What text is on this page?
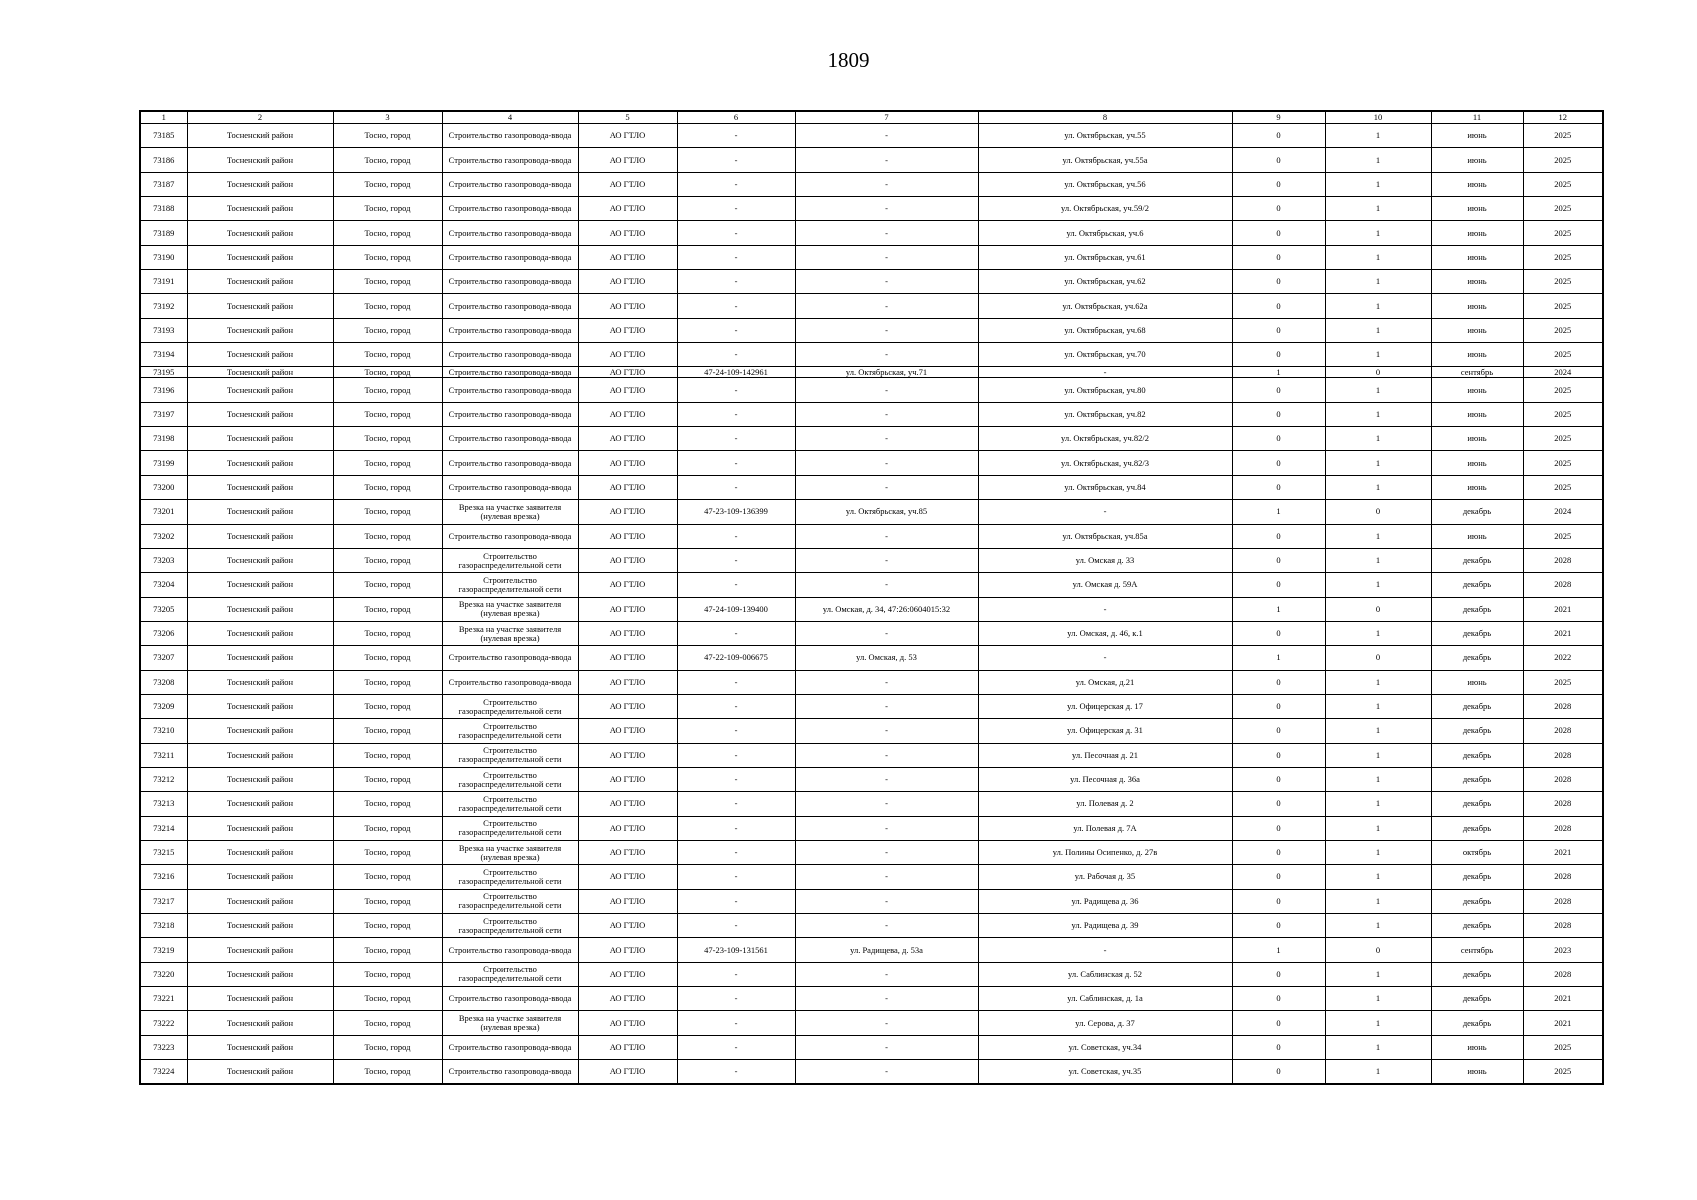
1809
1	2	3	4	5	6	7	8	9	10	11	12
73185	Тосненский район	Тосно, город	Строительство газопровода-ввода	АО ГТЛО	-	-	ул. Октябрьская, уч.55	0	1	июнь	2025
73186	Тосненский район	Тосно, город	Строительство газопровода-ввода	АО ГТЛО	-	-	ул. Октябрьская, уч.55а	0	1	июнь	2025
73187	Тосненский район	Тосно, город	Строительство газопровода-ввода	АО ГТЛО	-	-	ул. Октябрьская, уч.56	0	1	июнь	2025
73188	Тосненский район	Тосно, город	Строительство газопровода-ввода	АО ГТЛО	-	-	ул. Октябрьская, уч.59/2	0	1	июнь	2025
73189	Тосненский район	Тосно, город	Строительство газопровода-ввода	АО ГТЛО	-	-	ул. Октябрьская, уч.6	0	1	июнь	2025
73190	Тосненский район	Тосно, город	Строительство газопровода-ввода	АО ГТЛО	-	-	ул. Октябрьская, уч.61	0	1	июнь	2025
73191	Тосненский район	Тосно, город	Строительство газопровода-ввода	АО ГТЛО	-	-	ул. Октябрьская, уч.62	0	1	июнь	2025
73192	Тосненский район	Тосно, город	Строительство газопровода-ввода	АО ГТЛО	-	-	ул. Октябрьская, уч.62а	0	1	июнь	2025
73193	Тосненский район	Тосно, город	Строительство газопровода-ввода	АО ГТЛО	-	-	ул. Октябрьская, уч.68	0	1	июнь	2025
73194	Тосненский район	Тосно, город	Строительство газопровода-ввода	АО ГТЛО	-	-	ул. Октябрьская, уч.70	0	1	июнь	2025
73195	Тосненский район	Тосно, город	Строительство газопровода-ввода	АО ГТЛО	47-24-109-142961	ул. Октябрьская, уч.71	-	1	0	сентябрь	2024
73196	Тосненский район	Тосно, город	Строительство газопровода-ввода	АО ГТЛО	-	-	ул. Октябрьская, уч.80	0	1	июнь	2025
73197	Тосненский район	Тосно, город	Строительство газопровода-ввода	АО ГТЛО	-	-	ул. Октябрьская, уч.82	0	1	июнь	2025
73198	Тосненский район	Тосно, город	Строительство газопровода-ввода	АО ГТЛО	-	-	ул. Октябрьская, уч.82/2	0	1	июнь	2025
73199	Тосненский район	Тосно, город	Строительство газопровода-ввода	АО ГТЛО	-	-	ул. Октябрьская, уч.82/3	0	1	июнь	2025
73200	Тосненский район	Тосно, город	Строительство газопровода-ввода	АО ГТЛО	-	-	ул. Октябрьская, уч.84	0	1	июнь	2025
73201	Тосненский район	Тосно, город	Врезка на участке заявителя (нулевая врезка)	АО ГТЛО	47-23-109-136399	ул. Октябрьская, уч.85	-	1	0	декабрь	2024
73202	Тосненский район	Тосно, город	Строительство газопровода-ввода	АО ГТЛО	-	-	ул. Октябрьская, уч.85а	0	1	июнь	2025
73203	Тосненский район	Тосно, город	Строительство газораспределительной сети	АО ГТЛО	-	-	ул. Омская д. 33	0	1	декабрь	2028
73204	Тосненский район	Тосно, город	Строительство газораспределительной сети	АО ГТЛО	-	-	ул. Омская д. 59А	0	1	декабрь	2028
73205	Тосненский район	Тосно, город	Врезка на участке заявителя (нулевая врезка)	АО ГТЛО	47-24-109-139400	ул. Омская, д. 34, 47:26:0604015:32	-	1	0	декабрь	2021
73206	Тосненский район	Тосно, город	Врезка на участке заявителя (нулевая врезка)	АО ГТЛО	-	-	ул. Омская, д. 46, к.1	0	1	декабрь	2021
73207	Тосненский район	Тосно, город	Строительство газопровода-ввода	АО ГТЛО	47-22-109-006675	ул. Омская, д. 53	-	1	0	декабрь	2022
73208	Тосненский район	Тосно, город	Строительство газопровода-ввода	АО ГТЛО	-	-	ул. Омская, д.21	0	1	июнь	2025
73209	Тосненский район	Тосно, город	Строительство газораспределительной сети	АО ГТЛО	-	-	ул. Офицерская д. 17	0	1	декабрь	2028
73210	Тосненский район	Тосно, город	Строительство газораспределительной сети	АО ГТЛО	-	-	ул. Офицерская д. 31	0	1	декабрь	2028
73211	Тосненский район	Тосно, город	Строительство газораспределительной сети	АО ГТЛО	-	-	ул. Песочная д. 21	0	1	декабрь	2028
73212	Тосненский район	Тосно, город	Строительство газораспределительной сети	АО ГТЛО	-	-	ул. Песочная д. 36а	0	1	декабрь	2028
73213	Тосненский район	Тосно, город	Строительство газораспределительной сети	АО ГТЛО	-	-	ул. Полевая д. 2	0	1	декабрь	2028
73214	Тосненский район	Тосно, город	Строительство газораспределительной сети	АО ГТЛО	-	-	ул. Полевая д. 7А	0	1	декабрь	2028
73215	Тосненский район	Тосно, город	Врезка на участке заявителя (нулевая врезка)	АО ГТЛО	-	-	ул. Полины Осипенко, д. 27в	0	1	октябрь	2021
73216	Тосненский район	Тосно, город	Строительство газораспределительной сети	АО ГТЛО	-	-	ул. Рабочая д. 35	0	1	декабрь	2028
73217	Тосненский район	Тосно, город	Строительство газораспределительной сети	АО ГТЛО	-	-	ул. Радищева д. 36	0	1	декабрь	2028
73218	Тосненский район	Тосно, город	Строительство газораспределительной сети	АО ГТЛО	-	-	ул. Радищева д. 39	0	1	декабрь	2028
73219	Тосненский район	Тосно, город	Строительство газопровода-ввода	АО ГТЛО	47-23-109-131561	ул. Радищева, д. 53а	-	1	0	сентябрь	2023
73220	Тосненский район	Тосно, город	Строительство газораспределительной сети	АО ГТЛО	-	-	ул. Саблинская д. 52	0	1	декабрь	2028
73221	Тосненский район	Тосно, город	Строительство газопровода-ввода	АО ГТЛО	-	-	ул. Саблинская, д. 1а	0	1	декабрь	2021
73222	Тосненский район	Тосно, город	Врезка на участке заявителя (нулевая врезка)	АО ГТЛО	-	-	ул. Серова, д. 37	0	1	декабрь	2021
73223	Тосненский район	Тосно, город	Строительство газопровода-ввода	АО ГТЛО	-	-	ул. Советская, уч.34	0	1	июнь	2025
73224	Тосненский район	Тосно, город	Строительство газопровода-ввода	АО ГТЛО	-	-	ул. Советская, уч.35	0	1	июнь	2025
